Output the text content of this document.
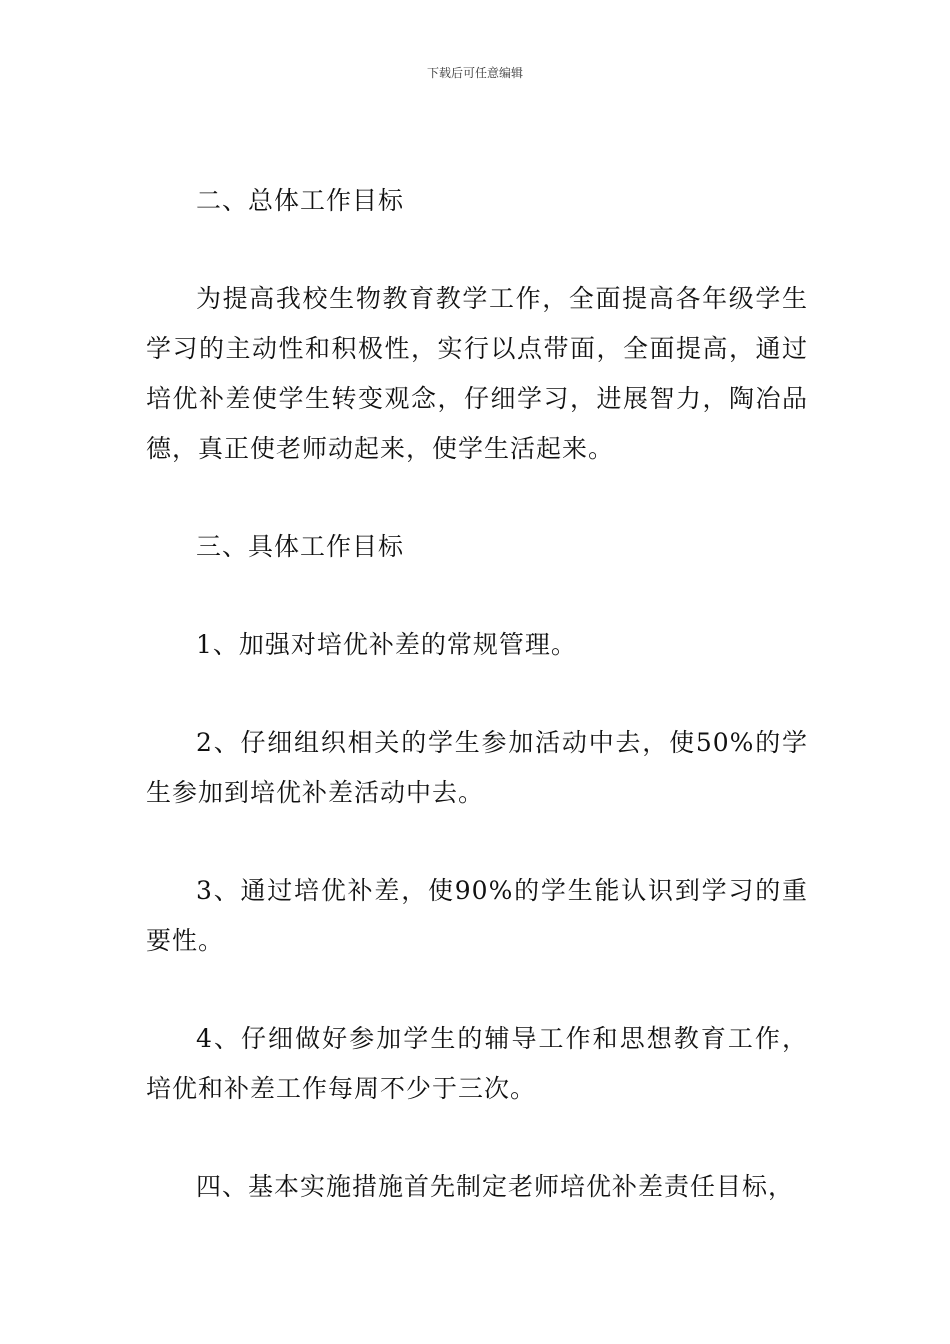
下载后可任意编辑

二、总体工作目标

为提高我校生物教育教学工作，全面提高各年级学生学习的主动性和积极性，实行以点带面，全面提高，通过培优补差使学生转变观念，仔细学习，进展智力，陶冶品德，真正使老师动起来，使学生活起来。

三、具体工作目标

1、加强对培优补差的常规管理。

2、仔细组织相关的学生参加活动中去，使50%的学生参加到培优补差活动中去。

3、通过培优补差，使90%的学生能认识到学习的重要性。

4、仔细做好参加学生的辅导工作和思想教育工作，培优和补差工作每周不少于三次。

四、基本实施措施首先制定老师培优补差责任目标，
